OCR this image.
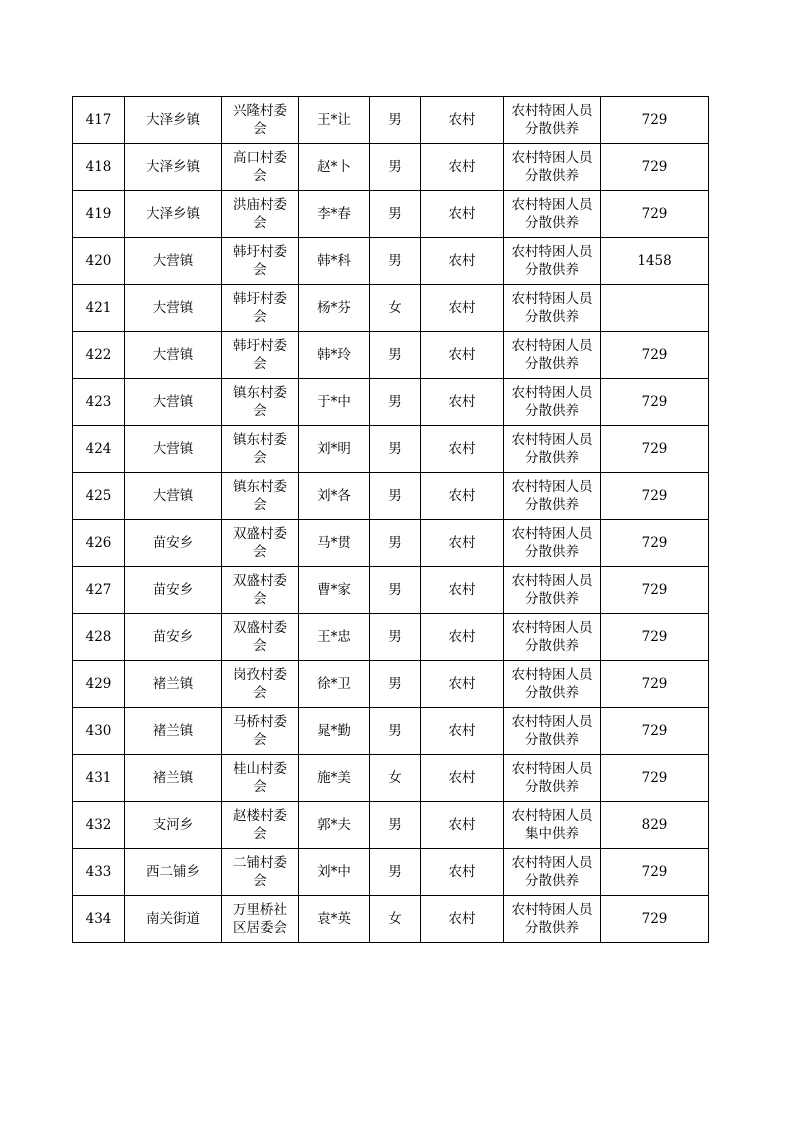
417	大泽乡镇	兴隆村委会	王*让	男	农村	农村特困人员分散供养	729
418	大泽乡镇	高口村委会	赵*卜	男	农村	农村特困人员分散供养	729
419	大泽乡镇	洪庙村委会	李*春	男	农村	农村特困人员分散供养	729
420	大营镇	韩圩村委会	韩*科	男	农村	农村特困人员分散供养	1458
421	大营镇	韩圩村委会	杨*芬	女	农村	农村特困人员分散供养	

422	大营镇	韩圩村委会	韩*玲	男	农村	农村特困人员分散供养	729
423	大营镇	镇东村委会	于*中	男	农村	农村特困人员分散供养	729
424	大营镇	镇东村委会	刘*明	男	农村	农村特困人员分散供养	729
425	大营镇	镇东村委会	刘*各	男	农村	农村特困人员分散供养	729
426	苗安乡	双盛村委会	马*贯	男	农村	农村特困人员分散供养	729
427	苗安乡	双盛村委会	曹*家	男	农村	农村特困人员分散供养	729
428	苗安乡	双盛村委会	王*忠	男	农村	农村特困人员分散供养	729
429	褚兰镇	岗孜村委会	徐*卫	男	农村	农村特困人员分散供养	729
430	褚兰镇	马桥村委会	晁*勤	男	农村	农村特困人员分散供养	729
431	褚兰镇	桂山村委会	施*美	女	农村	农村特困人员分散供养	729
432	支河乡	赵楼村委会	郭*夫	男	农村	农村特困人员集中供养	829
433	西二铺乡	二铺村委会	刘*中	男	农村	农村特困人员分散供养	729
434	南关街道	万里桥社区居委会	袁*英	女	农村	农村特困人员分散供养	729
